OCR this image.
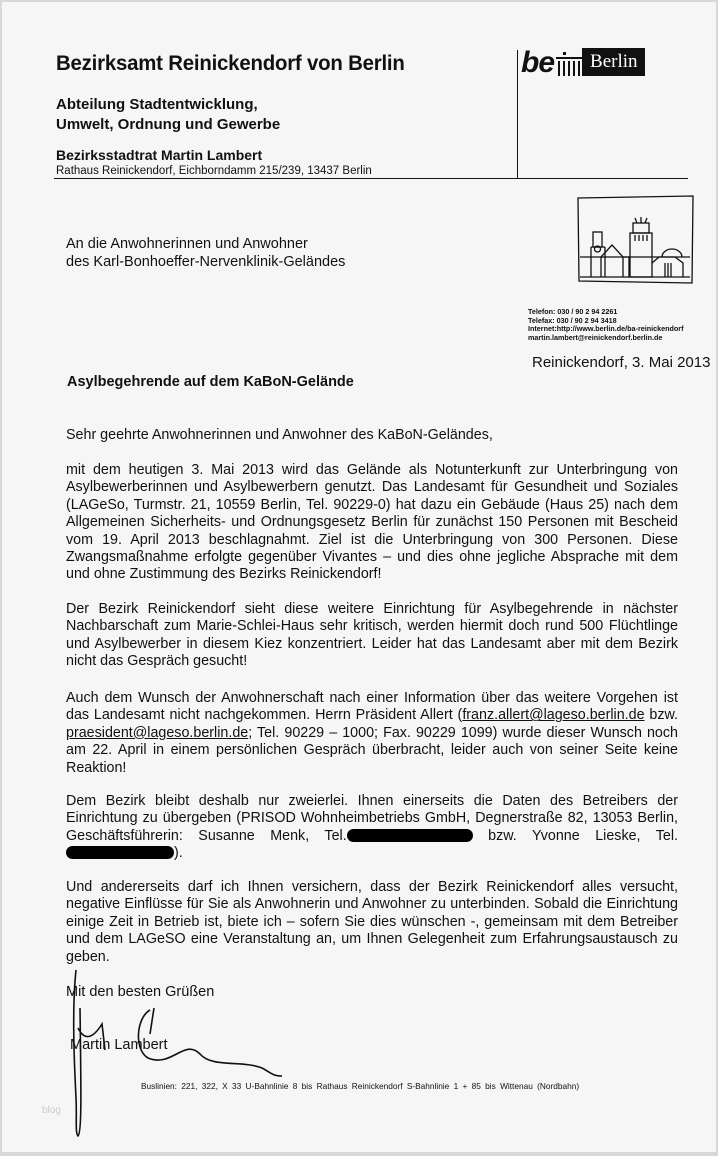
Bezirksamt Reinickendorf von Berlin
Abteilung Stadtentwicklung,
Umwelt, Ordnung und Gewerbe
Bezirksstadtrat Martin Lambert
Rathaus Reinickendorf, Eichborndamm 215/239, 13437 Berlin
be	Berlin
Telefon: 030 / 90 2 94 2261
Telefax: 030 / 90 2 94 3418
Internet:http://www.berlin.de/ba-reinickendorf
martin.lambert@reinickendorf.berlin.de
Reinickendorf, 3. Mai 2013
An die Anwohnerinnen und Anwohner
des Karl-Bonhoeffer-Nervenklinik-Geländes
Asylbegehrende auf dem KaBoN-Gelände
Sehr geehrte Anwohnerinnen und Anwohner des KaBoN-Geländes,
mit dem heutigen 3. Mai 2013 wird das Gelände als Notunterkunft zur Unterbringung von Asylbewerberinnen und Asylbewerbern genutzt. Das Landesamt für Gesundheit und Soziales (LAGeSo, Turmstr. 21, 10559 Berlin, Tel. 90229-0) hat dazu ein Gebäude (Haus 25) nach dem Allgemeinen Sicherheits- und Ordnungsgesetz Berlin für zunächst 150 Personen mit Bescheid vom 19. April 2013 beschlagnahmt. Ziel ist die Unterbringung von 300 Personen. Diese Zwangsmaßnahme erfolgte gegenüber Vivantes – und dies ohne jegliche Absprache mit dem und ohne Zustimmung des Bezirks Reinickendorf!
Der Bezirk Reinickendorf sieht diese weitere Einrichtung für Asylbegehrende in nächster Nachbarschaft zum Marie-Schlei-Haus sehr kritisch, werden hiermit doch rund 500 Flüchtlinge und Asylbewerber in diesem Kiez konzentriert. Leider hat das Landesamt aber mit dem Bezirk nicht das Gespräch gesucht!
Auch dem Wunsch der Anwohnerschaft nach einer Information über das weitere Vorgehen ist das Landesamt nicht nachgekommen. Herrn Präsident Allert (franz.allert@lageso.berlin.de bzw. praesident@lageso.berlin.de; Tel. 90229 – 1000; Fax. 90229 1099) wurde dieser Wunsch noch am 22. April in einem persönlichen Gespräch überbracht, leider auch von seiner Seite keine Reaktion!
Dem Bezirk bleibt deshalb nur zweierlei. Ihnen einerseits die Daten des Betreibers der Einrichtung zu übergeben (PRISOD Wohnheimbetriebs GmbH, Degnerstraße 82, 13053 Berlin, Geschäftsführerin: Susanne Menk, Tel.	bzw. Yvonne Lieske, Tel. ).
Und andererseits darf ich Ihnen versichern, dass der Bezirk Reinickendorf alles versucht, negative Einflüsse für Sie als Anwohnerin und Anwohner zu unterbinden. Sobald die Einrichtung einige Zeit in Betrieb ist, biete ich – sofern Sie dies wünschen -, gemeinsam mit dem Betreiber und dem LAGeSO eine Veranstaltung an, um Ihnen Gelegenheit zum Erfahrungsaustausch zu geben.
Mit den besten Grüßen
Martin Lambert
Buslinien: 221, 322, X 33 U-Bahnlinie 8 bis Rathaus Reinickendorf S-Bahnlinie 1 + 85 bis Wittenau (Nordbahn)
blog
